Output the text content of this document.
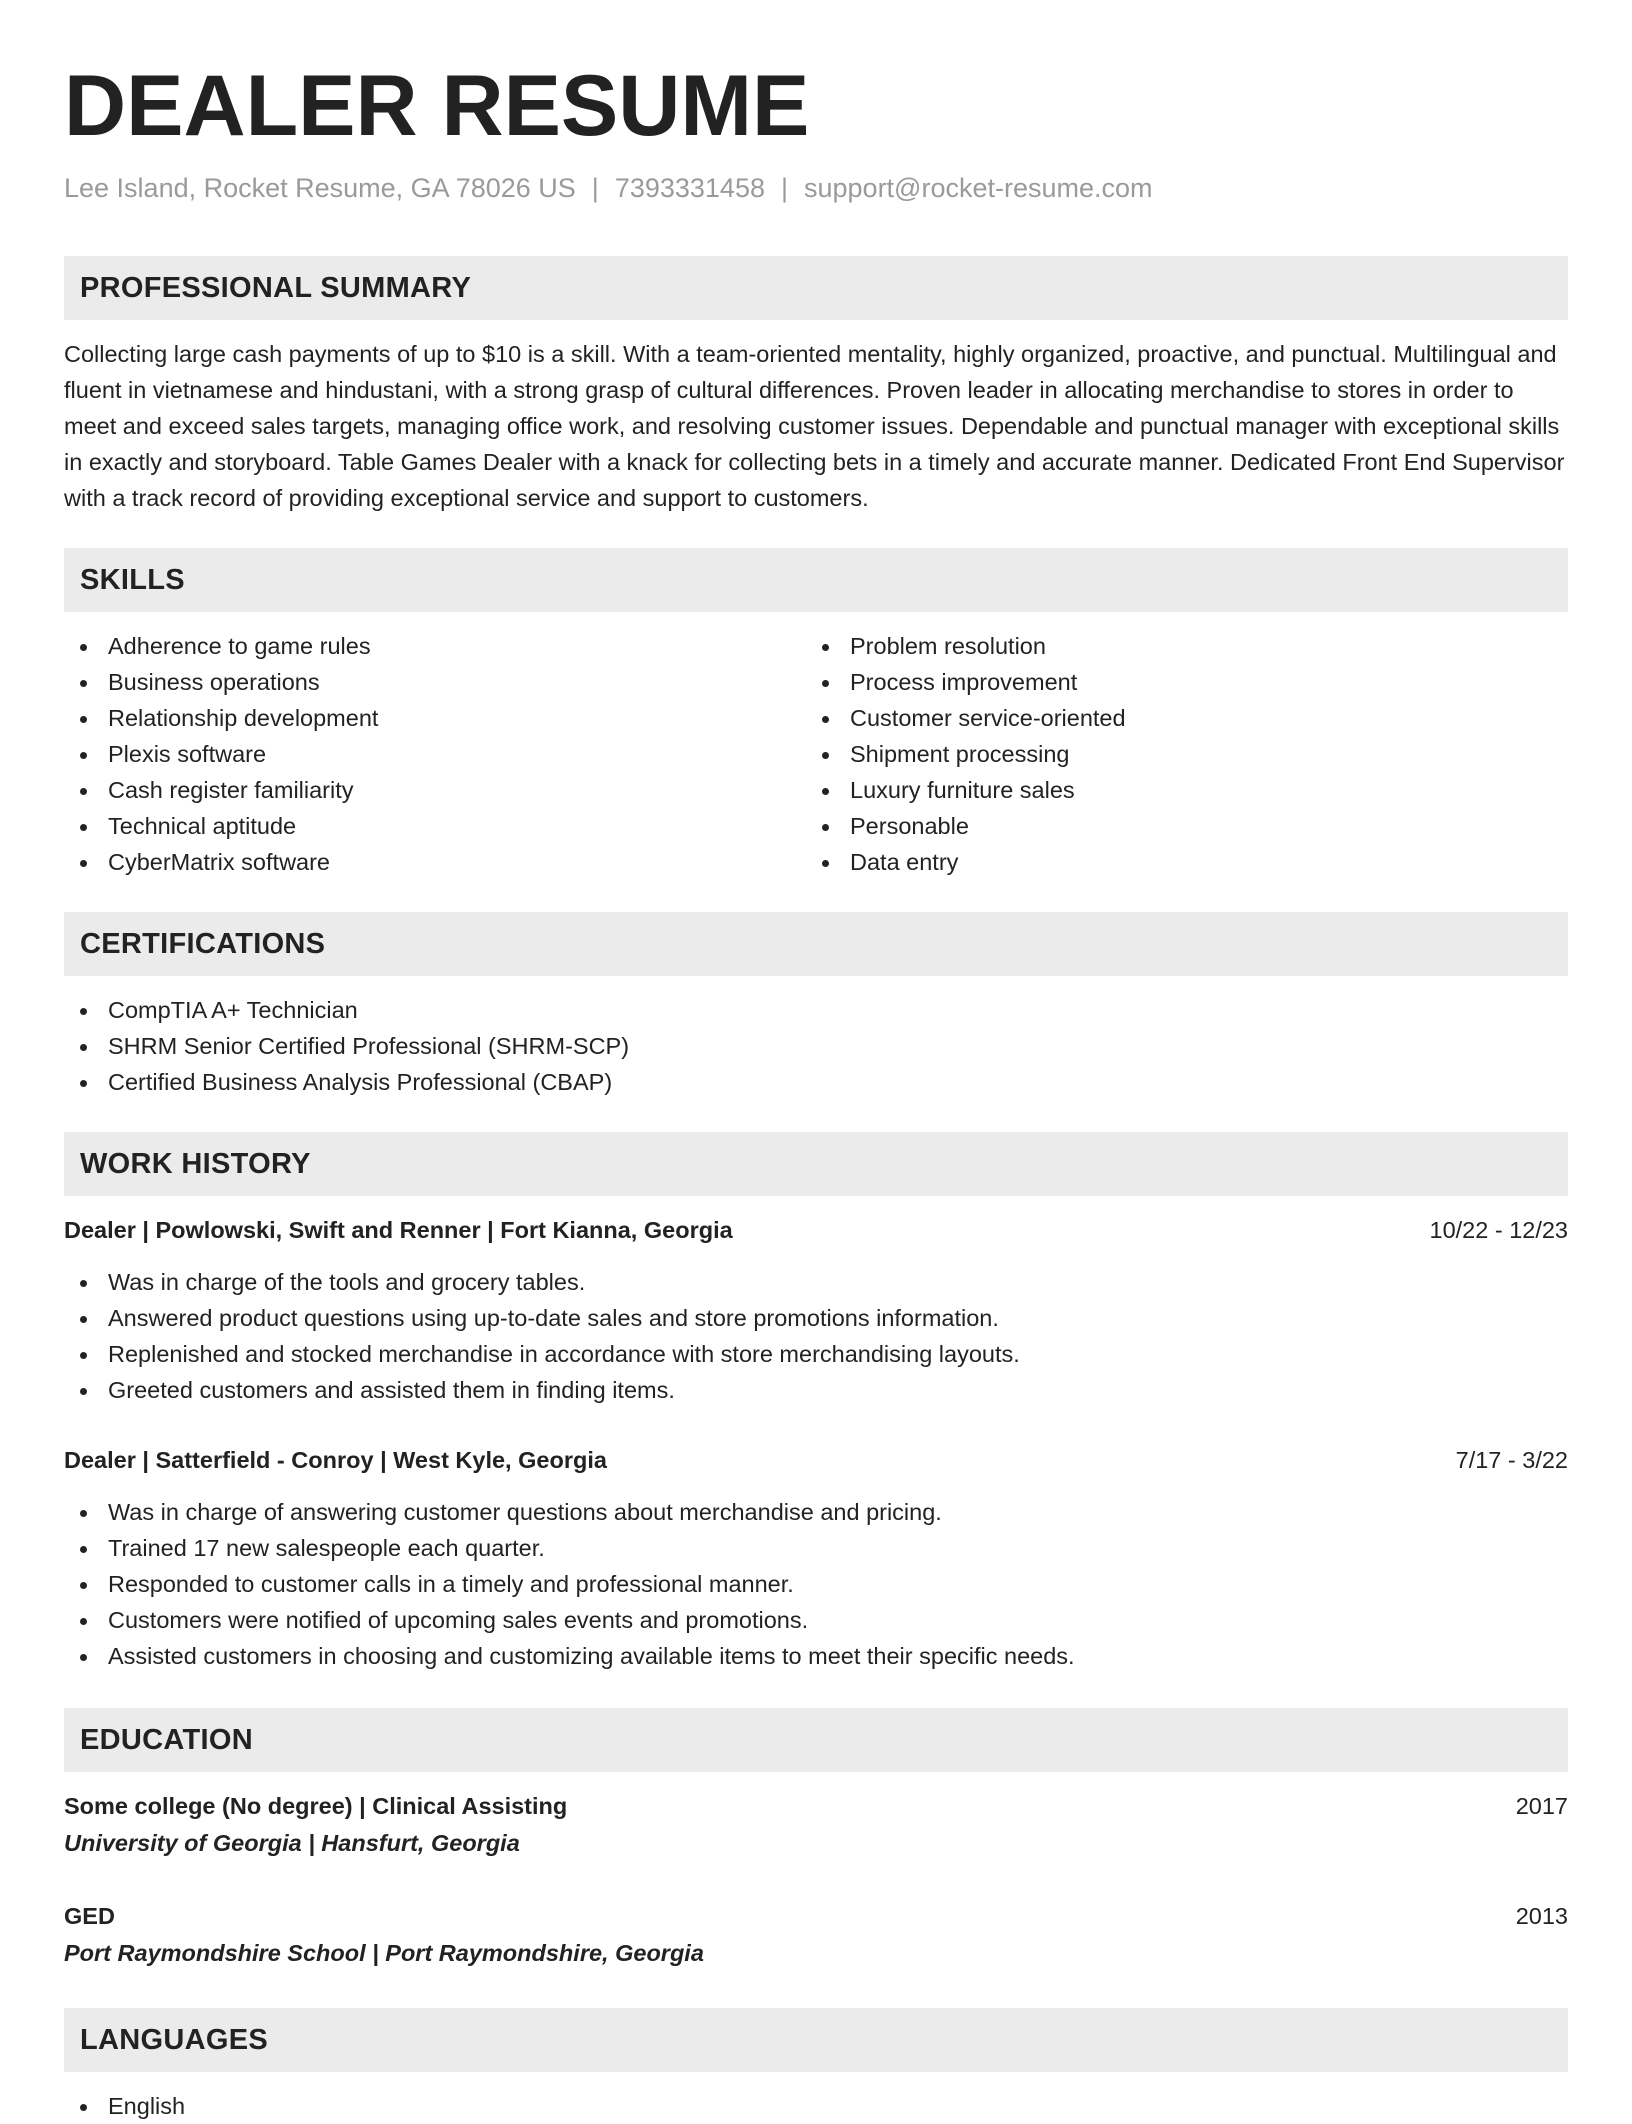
DEALER RESUME
Lee Island, Rocket Resume, GA 78026 US | 7393331458 | support@rocket-resume.com
PROFESSIONAL SUMMARY

Collecting large cash payments of up to $10 is a skill. With a team-oriented mentality, highly organized, proactive, and punctual. Multilingual and fluent in vietnamese and hindustani, with a strong grasp of cultural differences. Proven leader in allocating merchandise to stores in order to meet and exceed sales targets, managing office work, and resolving customer issues. Dependable and punctual manager with exceptional skills in exactly and storyboard. Table Games Dealer with a knack for collecting bets in a timely and accurate manner. Dedicated Front End Supervisor with a track record of providing exceptional service and support to customers.

SKILLS
Adherence to game rules
Business operations
Relationship development
Plexis software
Cash register familiarity
Technical aptitude
CyberMatrix software
Problem resolution
Process improvement
Customer service-oriented
Shipment processing
Luxury furniture sales
Personable
Data entry
CERTIFICATIONS
CompTIA A+ Technician
SHRM Senior Certified Professional (SHRM-SCP)
Certified Business Analysis Professional (CBAP)
WORK HISTORY
Dealer | Powlowski, Swift and Renner | Fort Kianna, Georgia	10/22 - 12/23
Was in charge of the tools and grocery tables.
Answered product questions using up-to-date sales and store promotions information.
Replenished and stocked merchandise in accordance with store merchandising layouts.
Greeted customers and assisted them in finding items.
Dealer | Satterfield - Conroy | West Kyle, Georgia	7/17 - 3/22
Was in charge of answering customer questions about merchandise and pricing.
Trained 17 new salespeople each quarter.
Responded to customer calls in a timely and professional manner.
Customers were notified of upcoming sales events and promotions.
Assisted customers in choosing and customizing available items to meet their specific needs.
EDUCATION
Some college (No degree) | Clinical Assisting	2017
University of Georgia | Hansfurt, Georgia
GED	2013
Port Raymondshire School | Port Raymondshire, Georgia
LANGUAGES
English
